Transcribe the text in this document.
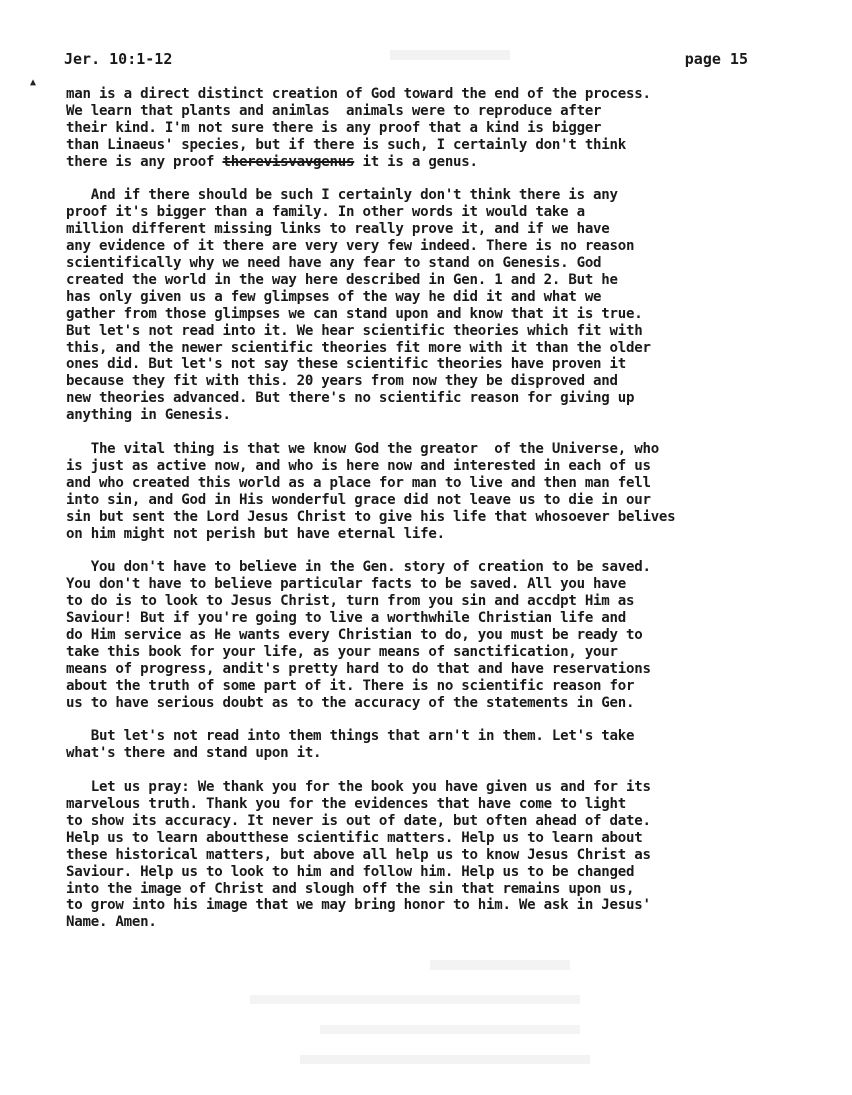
▲
Jer. 10:1-12	page 15
man is a direct distinct creation of God toward the end of the process.
We learn that plants and animlas  animals were to reproduce after
their kind. I'm not sure there is any proof that a kind is bigger
than Linaeus' species, but if there is such, I certainly don't think
there is any proof therevisvavgenus it is a genus.
And if there should be such I certainly don't think there is any
proof it's bigger than a family. In other words it would take a
million different missing links to really prove it, and if we have
any evidence of it there are very very few indeed. There is no reason
scientifically why we need have any fear to stand on Genesis. God
created the world in the way here described in Gen. 1 and 2. But he
has only given us a few glimpses of the way he did it and what we
gather from those glimpses we can stand upon and know that it is true.
But let's not read into it. We hear scientific theories which fit with
this, and the newer scientific theories fit more with it than the older
ones did. But let's not say these scientific theories have proven it
because they fit with this. 20 years from now they be disproved and
new theories advanced. But there's no scientific reason for giving up
anything in Genesis.
The vital thing is that we know God the greator  of the Universe, who
is just as active now, and who is here now and interested in each of us
and who created this world as a place for man to live and then man fell
into sin, and God in His wonderful grace did not leave us to die in our
sin but sent the Lord Jesus Christ to give his life that whosoever belives
on him might not perish but have eternal life.
You don't have to believe in the Gen. story of creation to be saved.
You don't have to believe particular facts to be saved. All you have
to do is to look to Jesus Christ, turn from you sin and accdpt Him as
Saviour! But if you're going to live a worthwhile Christian life and
do Him service as He wants every Christian to do, you must be ready to
take this book for your life, as your means of sanctification, your
means of progress, andit's pretty hard to do that and have reservations
about the truth of some part of it. There is no scientific reason for
us to have serious doubt as to the accuracy of the statements in Gen.
But let's not read into them things that arn't in them. Let's take
what's there and stand upon it.
Let us pray: We thank you for the book you have given us and for its
marvelous truth. Thank you for the evidences that have come to light
to show its accuracy. It never is out of date, but often ahead of date.
Help us to learn aboutthese scientific matters. Help us to learn about
these historical matters, but above all help us to know Jesus Christ as
Saviour. Help us to look to him and follow him. Help us to be changed
into the image of Christ and slough off the sin that remains upon us,
to grow into his image that we may bring honor to him. We ask in Jesus'
Name. Amen.
